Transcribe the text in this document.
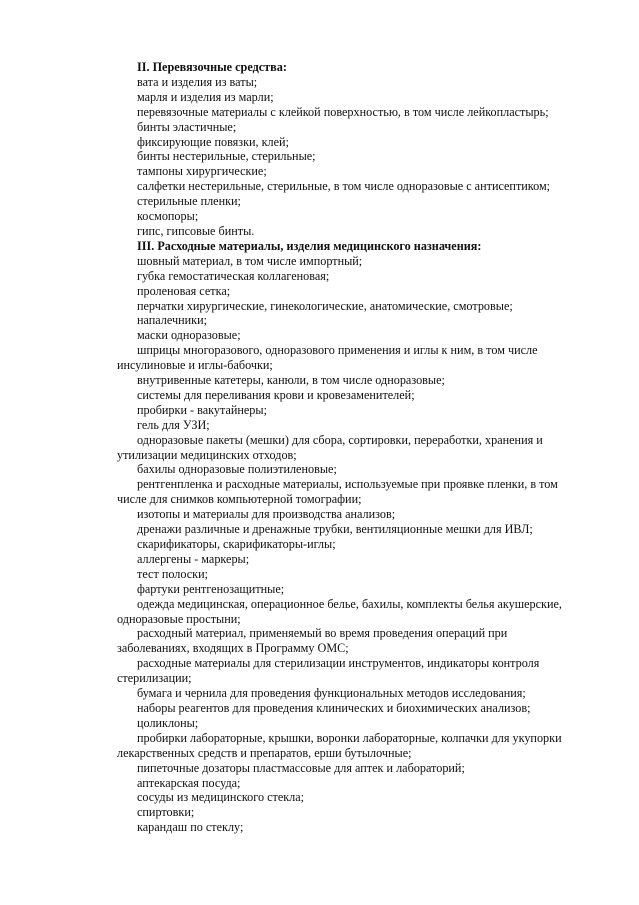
II. Перевязочные средства:
вата и изделия из ваты;
марля и изделия из марли;
перевязочные материалы с клейкой поверхностью, в том числе лейкопластырь;
бинты эластичные;
фиксирующие повязки, клей;
бинты нестерильные, стерильные;
тампоны хирургические;
салфетки нестерильные, стерильные, в том числе одноразовые с антисептиком;
стерильные пленки;
космопоры;
гипс, гипсовые бинты.
III. Расходные материалы, изделия медицинского назначения:
шовный материал, в том числе импортный;
губка гемостатическая коллагеновая;
проленовая сетка;
перчатки хирургические, гинекологические, анатомические, смотровые;
напалечники;
маски одноразовые;
шприцы многоразового, одноразового применения и иглы к ним, в том числе
инсулиновые и иглы-бабочки;
внутривенные катетеры, канюли, в том числе одноразовые;
системы для переливания крови и кровезаменителей;
пробирки - вакутайнеры;
гель для УЗИ;
одноразовые пакеты (мешки) для сбора, сортировки, переработки, хранения и
утилизации медицинских отходов;
бахилы одноразовые полиэтиленовые;
рентгенпленка и расходные материалы, используемые при проявке пленки, в том
числе для снимков компьютерной томографии;
изотопы и материалы для производства анализов;
дренажи различные и дренажные трубки, вентиляционные мешки для ИВЛ;
скарификаторы, скарификаторы-иглы;
аллергены - маркеры;
тест полоски;
фартуки рентгенозащитные;
одежда медицинская, операционное белье, бахилы, комплекты белья акушерские,
одноразовые простыни;
расходный материал, применяемый во время проведения операций при
заболеваниях, входящих в Программу ОМС;
расходные материалы для стерилизации инструментов, индикаторы контроля
стерилизации;
бумага и чернила для проведения функциональных методов исследования;
наборы реагентов для проведения клинических и биохимических анализов;
цоликлоны;
пробирки лабораторные, крышки, воронки лабораторные, колпачки для укупорки
лекарственных средств и препаратов, ерши бутылочные;
пипеточные дозаторы пластмассовые для аптек и лабораторий;
аптекарская посуда;
сосуды из медицинского стекла;
спиртовки;
карандаш по стеклу;
